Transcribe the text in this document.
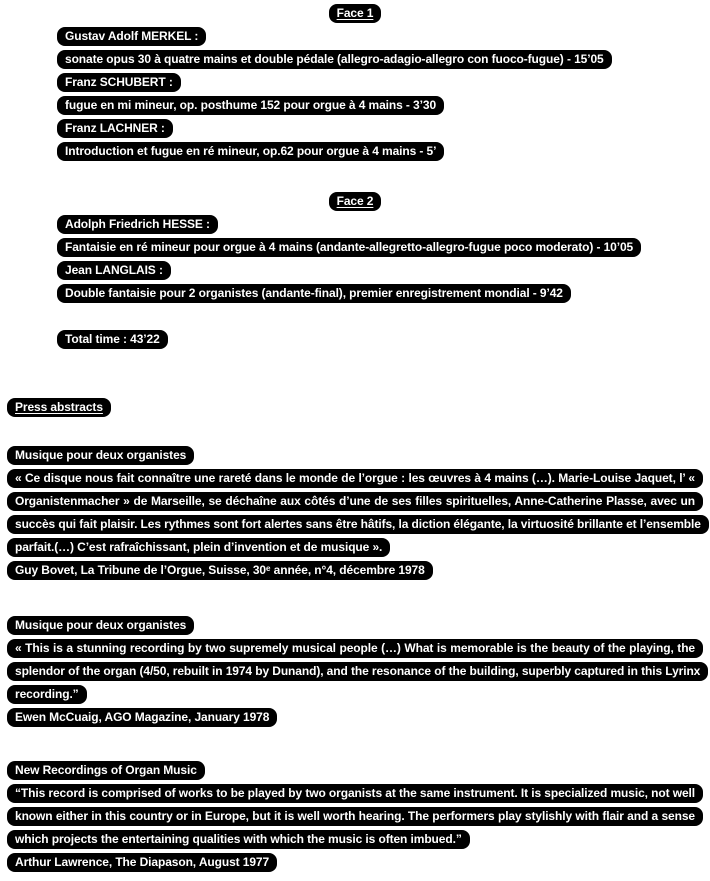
Face 1
Gustav Adolf MERKEL :
sonate opus 30 à quatre mains et double pédale (allegro-adagio-allegro con fuoco-fugue) - 15’05
Franz SCHUBERT :
fugue en mi mineur, op. posthume 152 pour orgue à 4 mains - 3’30
Franz LACHNER :
Introduction et fugue en ré mineur, op.62 pour orgue à 4 mains - 5’
Face 2
Adolph Friedrich HESSE :
Fantaisie en ré mineur pour orgue à 4 mains (andante-allegretto-allegro-fugue poco moderato) - 10’05
Jean LANGLAIS :
Double fantaisie pour 2 organistes (andante-final), premier enregistrement mondial - 9’42
Total time : 43’22
Press abstracts
Musique pour deux organistes

« Ce disque nous fait connaître une rareté dans le monde de l’orgue : les œuvres à 4 mains (…). Marie-Louise Jaquet, l’ « Organistenmacher » de Marseille, se déchaîne aux côtés d’une de ses filles spirituelles, Anne-Catherine Plasse, avec un succès qui fait plaisir. Les rythmes sont fort alertes sans être hâtifs, la diction élégante, la virtuosité brillante et l’ensemble parfait.(…) C’est rafraîchissant, plein d’invention et de musique ».

Guy Bovet, La Tribune de l’Orgue, Suisse, 30ᵉ année, n°4, décembre 1978
Musique pour deux organistes

« This is a stunning recording by two supremely musical people (…) What is memorable is the beauty of the playing, the splendor of the organ (4/50, rebuilt in 1974 by Dunand), and the resonance of the building, superbly captured in this Lyrinx recording.”

Ewen McCuaig, AGO Magazine, January 1978
New Recordings of Organ Music

“This record is comprised of works to be played by two organists at the same instrument. It is specialized music, not well known either in this country or in Europe, but it is well worth hearing. The performers play stylishly with flair and a sense which projects the entertaining qualities with which the music is often imbued.”

Arthur Lawrence, The Diapason, August 1977
